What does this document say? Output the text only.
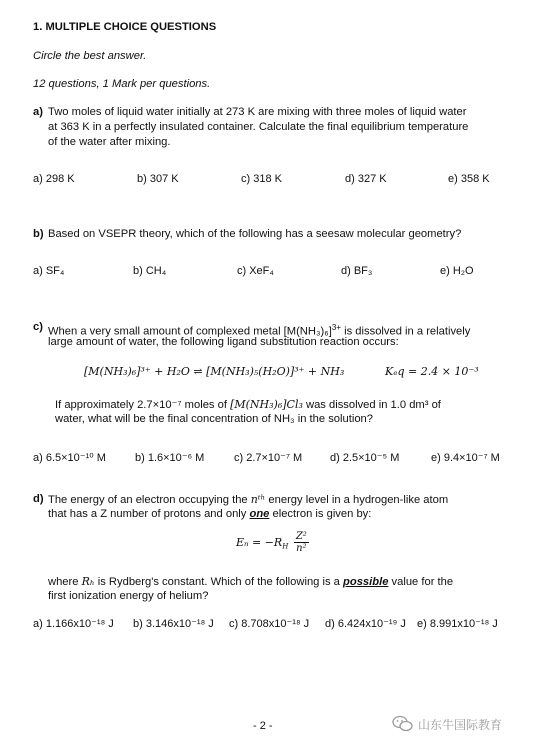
1. MULTIPLE CHOICE QUESTIONS
Circle the best answer.
12 questions, 1 Mark per questions.
a) Two moles of liquid water initially at 273 K are mixing with three moles of liquid water
at 363 K in a perfectly insulated container. Calculate the final equilibrium temperature
of the water after mixing.
a) 298 K	b) 307 K	c) 318 K	d) 327 K	e) 358 K
b) Based on VSEPR theory, which of the following has a seesaw molecular geometry?
a) SF₄	b) CH₄	c) XeF₄	d) BF₃	e) H₂O
c) When a very small amount of complexed metal $[M(NH_3)_6]^{3+}$ is dissolved in a relatively
large amount of water, the following ligand substitution reaction occurs:
[M(NH₃)₆]³⁺ + H₂O ⇌ [M(NH₃)₅(H₂O)]³⁺ + NH₃	Kₑq = 2.4 × 10⁻³
If approximately 2.7×10⁻⁷ moles of [M(NH₃)₆]Cl₃ was dissolved in 1.0 dm³ of
water, what will be the final concentration of NH₃ in the solution?
a) 6.5×10⁻¹⁰ M	b) 1.6×10⁻⁶ M	c) 2.7×10⁻⁷ M	d) 2.5×10⁻⁵ M	e) 9.4×10⁻⁷ M
d) The energy of an electron occupying the nᵗʰ energy level in a hydrogen-like atom
that has a Z number of protons and only one electron is given by:
$E_n = -R_H \frac{\text{Z²}}{\text{n²}}$
where Rₕ is Rydberg's constant. Which of the following is a possible value for the
first ionization energy of helium?
a) 1.166x10⁻¹⁸ J b) 3.146x10⁻¹⁸ J c) 8.708x10⁻¹⁸ J d) 6.424x10⁻¹⁹ J e) 8.991x10⁻¹⁸ J
- 2 -	山东牛国际教育
